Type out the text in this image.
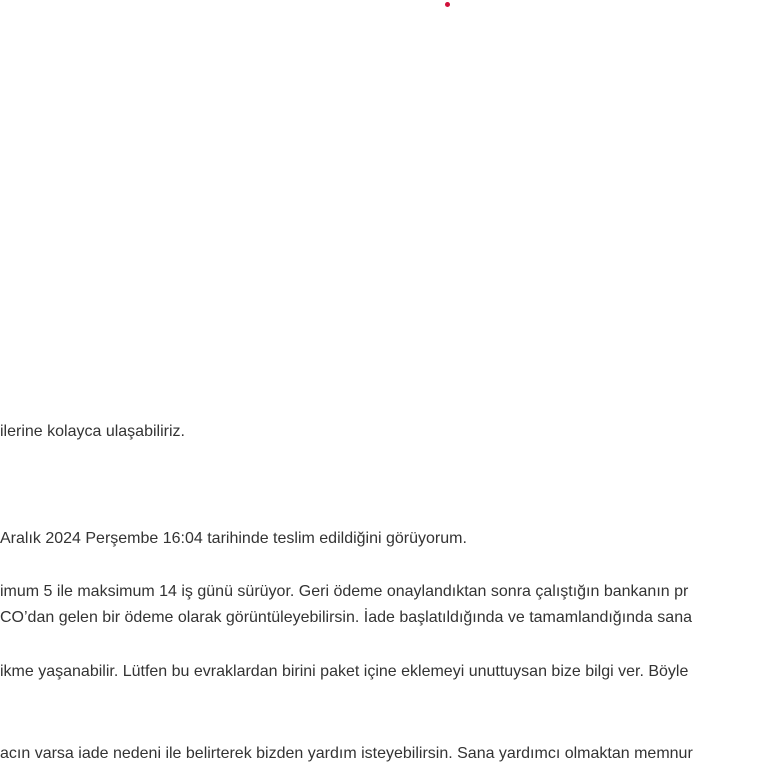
ilerine kolayca ulaşabiliriz.
Aralık 2024 Perşembe 16:04 tarihinde teslim edildiğini görüyorum.
imum 5 ile maksimum 14 iş günü sürüyor. Geri ödeme onaylandıktan sonra çalıştığın bankanın pr
CO’dan gelen bir ödeme olarak görüntüleyebilirsin. İade başlatıldığında ve tamamlandığında sana
ikme yaşanabilir. Lütfen bu evraklardan birini paket içine eklemeyi unuttuysan bize bilgi ver. Böyle
acın varsa iade nedeni ile belirterek bizden yardım isteyebilirsin. Sana yardımcı olmaktan memnur
